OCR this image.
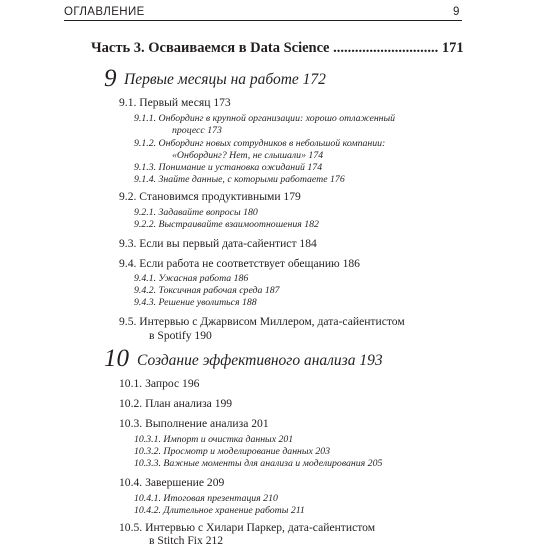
ОГЛАВЛЕНИЕ	9
Часть 3. Осваиваемся в Data Science ............................. 171
9 Первые месяцы на работе 172
9.1. Первый месяц 173
9.1.1. Онбординг в крупной организации: хорошо отлаженный
процесс 173
9.1.2. Онбординг новых сотрудников в небольшой компании:
«Онбординг? Нет, не слышали» 174
9.1.3. Понимание и установка ожиданий 174
9.1.4. Знайте данные, с которыми работаете 176
9.2. Становимся продуктивными 179
9.2.1. Задавайте вопросы 180
9.2.2. Выстраивайте взаимоотношения 182
9.3. Если вы первый дата-сайентист 184
9.4. Если работа не соответствует обещанию 186
9.4.1. Ужасная работа 186
9.4.2. Токсичная рабочая среда 187
9.4.3. Решение уволиться 188
9.5. Интервью с Джарвисом Миллером, дата-сайентистом
в Spotify 190
10 Создание эффективного анализа 193
10.1. Запрос 196
10.2. План анализа 199
10.3. Выполнение анализа 201
10.3.1. Импорт и очистка данных 201
10.3.2. Просмотр и моделирование данных 203
10.3.3. Важные моменты для анализа и моделирования 205
10.4. Завершение 209
10.4.1. Итоговая презентация 210
10.4.2. Длительное хранение работы 211
10.5. Интервью с Хилари Паркер, дата-сайентистом
в Stitch Fix 212
